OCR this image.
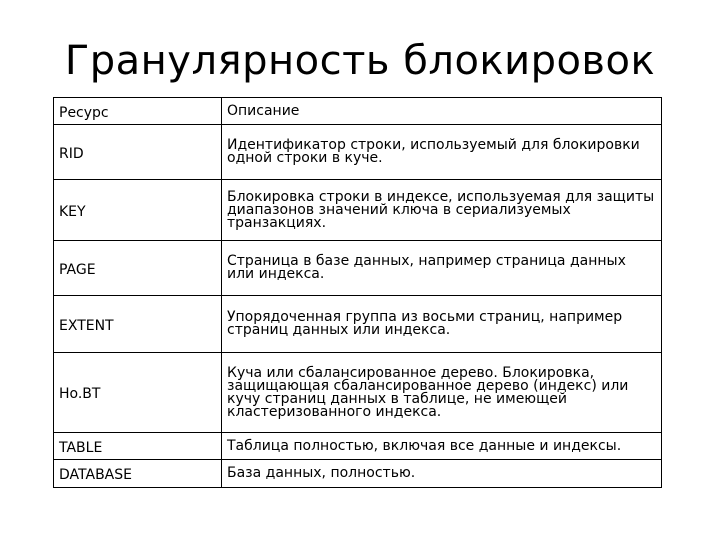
Гранулярность блокировок
Ресурс	Описание
RID	Идентификатор строки, используемый для блокировки одной строки в куче.
KEY	Блокировка строки в индексе, используемая для защиты диапазонов значений ключа в сериализуемых транзакциях.
PAGE	Страница в базе данных, например страница данных или индекса.
EXTENT	Упорядоченная группа из восьми страниц, например страниц данных или индекса.
Ho.BT	Куча или сбалансированное дерево. Блокировка, защищающая сбалансированное дерево (индекс) или кучу страниц данных в таблице, не имеющей кластеризованного индекса.
TABLE	Таблица полностью, включая все данные и индексы.
DATABASE	База данных, полностью.
